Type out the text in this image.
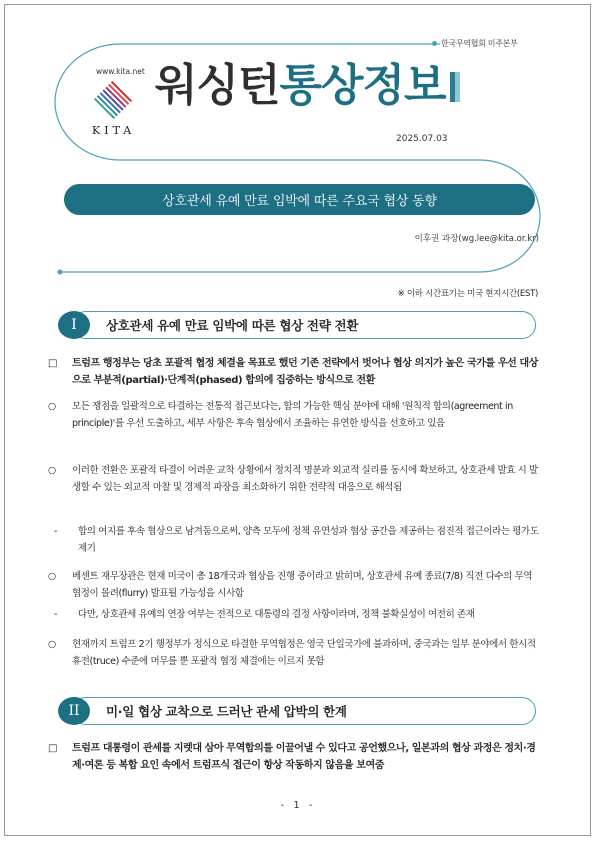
한국무역협회 미주본부
www.kita.net
KITA
워싱턴통상정보
2025.07.03
상호관세 유예 만료 임박에 따른 주요국 협상 동향
이후권 과장(wg.lee@kita.or.kr)
※ 이하 시간표기는 미국 현지시간(EST)
I	상호관세 유예 만료 임박에 따른 협상 전략 전환
□ 트럼프 행정부는 당초 포괄적 협정 체결을 목표로 했던 기존 전략에서 벗어나 협상 의지가 높은 국가를 우선 대상으로 부분적(partial)·단계적(phased) 합의에 집중하는 방식으로 전환
○ 모든 쟁점을 일괄적으로 타결하는 전통적 접근보다는, 합의 가능한 핵심 분야에 대해 '원칙적 합의(agreement in principle)'를 우선 도출하고, 세부 사항은 후속 협상에서 조율하는 유연한 방식을 선호하고 있음
○ 이러한 전환은 포괄적 타결이 어려운 교착 상황에서 정치적 명분과 외교적 실리를 동시에 확보하고, 상호관세 발효 시 발생할 수 있는 외교적 마찰 및 경제적 파장을 최소화하기 위한 전략적 대응으로 해석됨
- 합의 여지를 후속 협상으로 남겨둠으로써, 양측 모두에 정책 유연성과 협상 공간을 제공하는 점진적 접근이라는 평가도 제기
○ 베센트 재무장관은 현재 미국이 총 18개국과 협상을 진행 중이라고 밝히며, 상호관세 유예 종료(7/8) 직전 다수의 무역협정이 몰려(flurry) 발표될 가능성을 시사함
- 다만, 상호관세 유예의 연장 여부는 전적으로 대통령의 결정 사항이라며, 정책 불확실성이 여전히 존재
○ 현재까지 트럼프 2기 행정부가 정식으로 타결한 무역협정은 영국 단일국가에 불과하며, 중국과는 일부 분야에서 한시적 휴전(truce) 수준에 머무를 뿐 포괄적 협정 체결에는 이르지 못함
II	미·일 협상 교착으로 드러난 관세 압박의 한계
□ 트럼프 대통령이 관세를 지렛대 삼아 무역합의를 이끌어낼 수 있다고 공언했으나, 일본과의 협상 과정은 정치·경제·여론 등 복합 요인 속에서 트럼프식 접근이 항상 작동하지 않음을 보여줌
- 1 -
